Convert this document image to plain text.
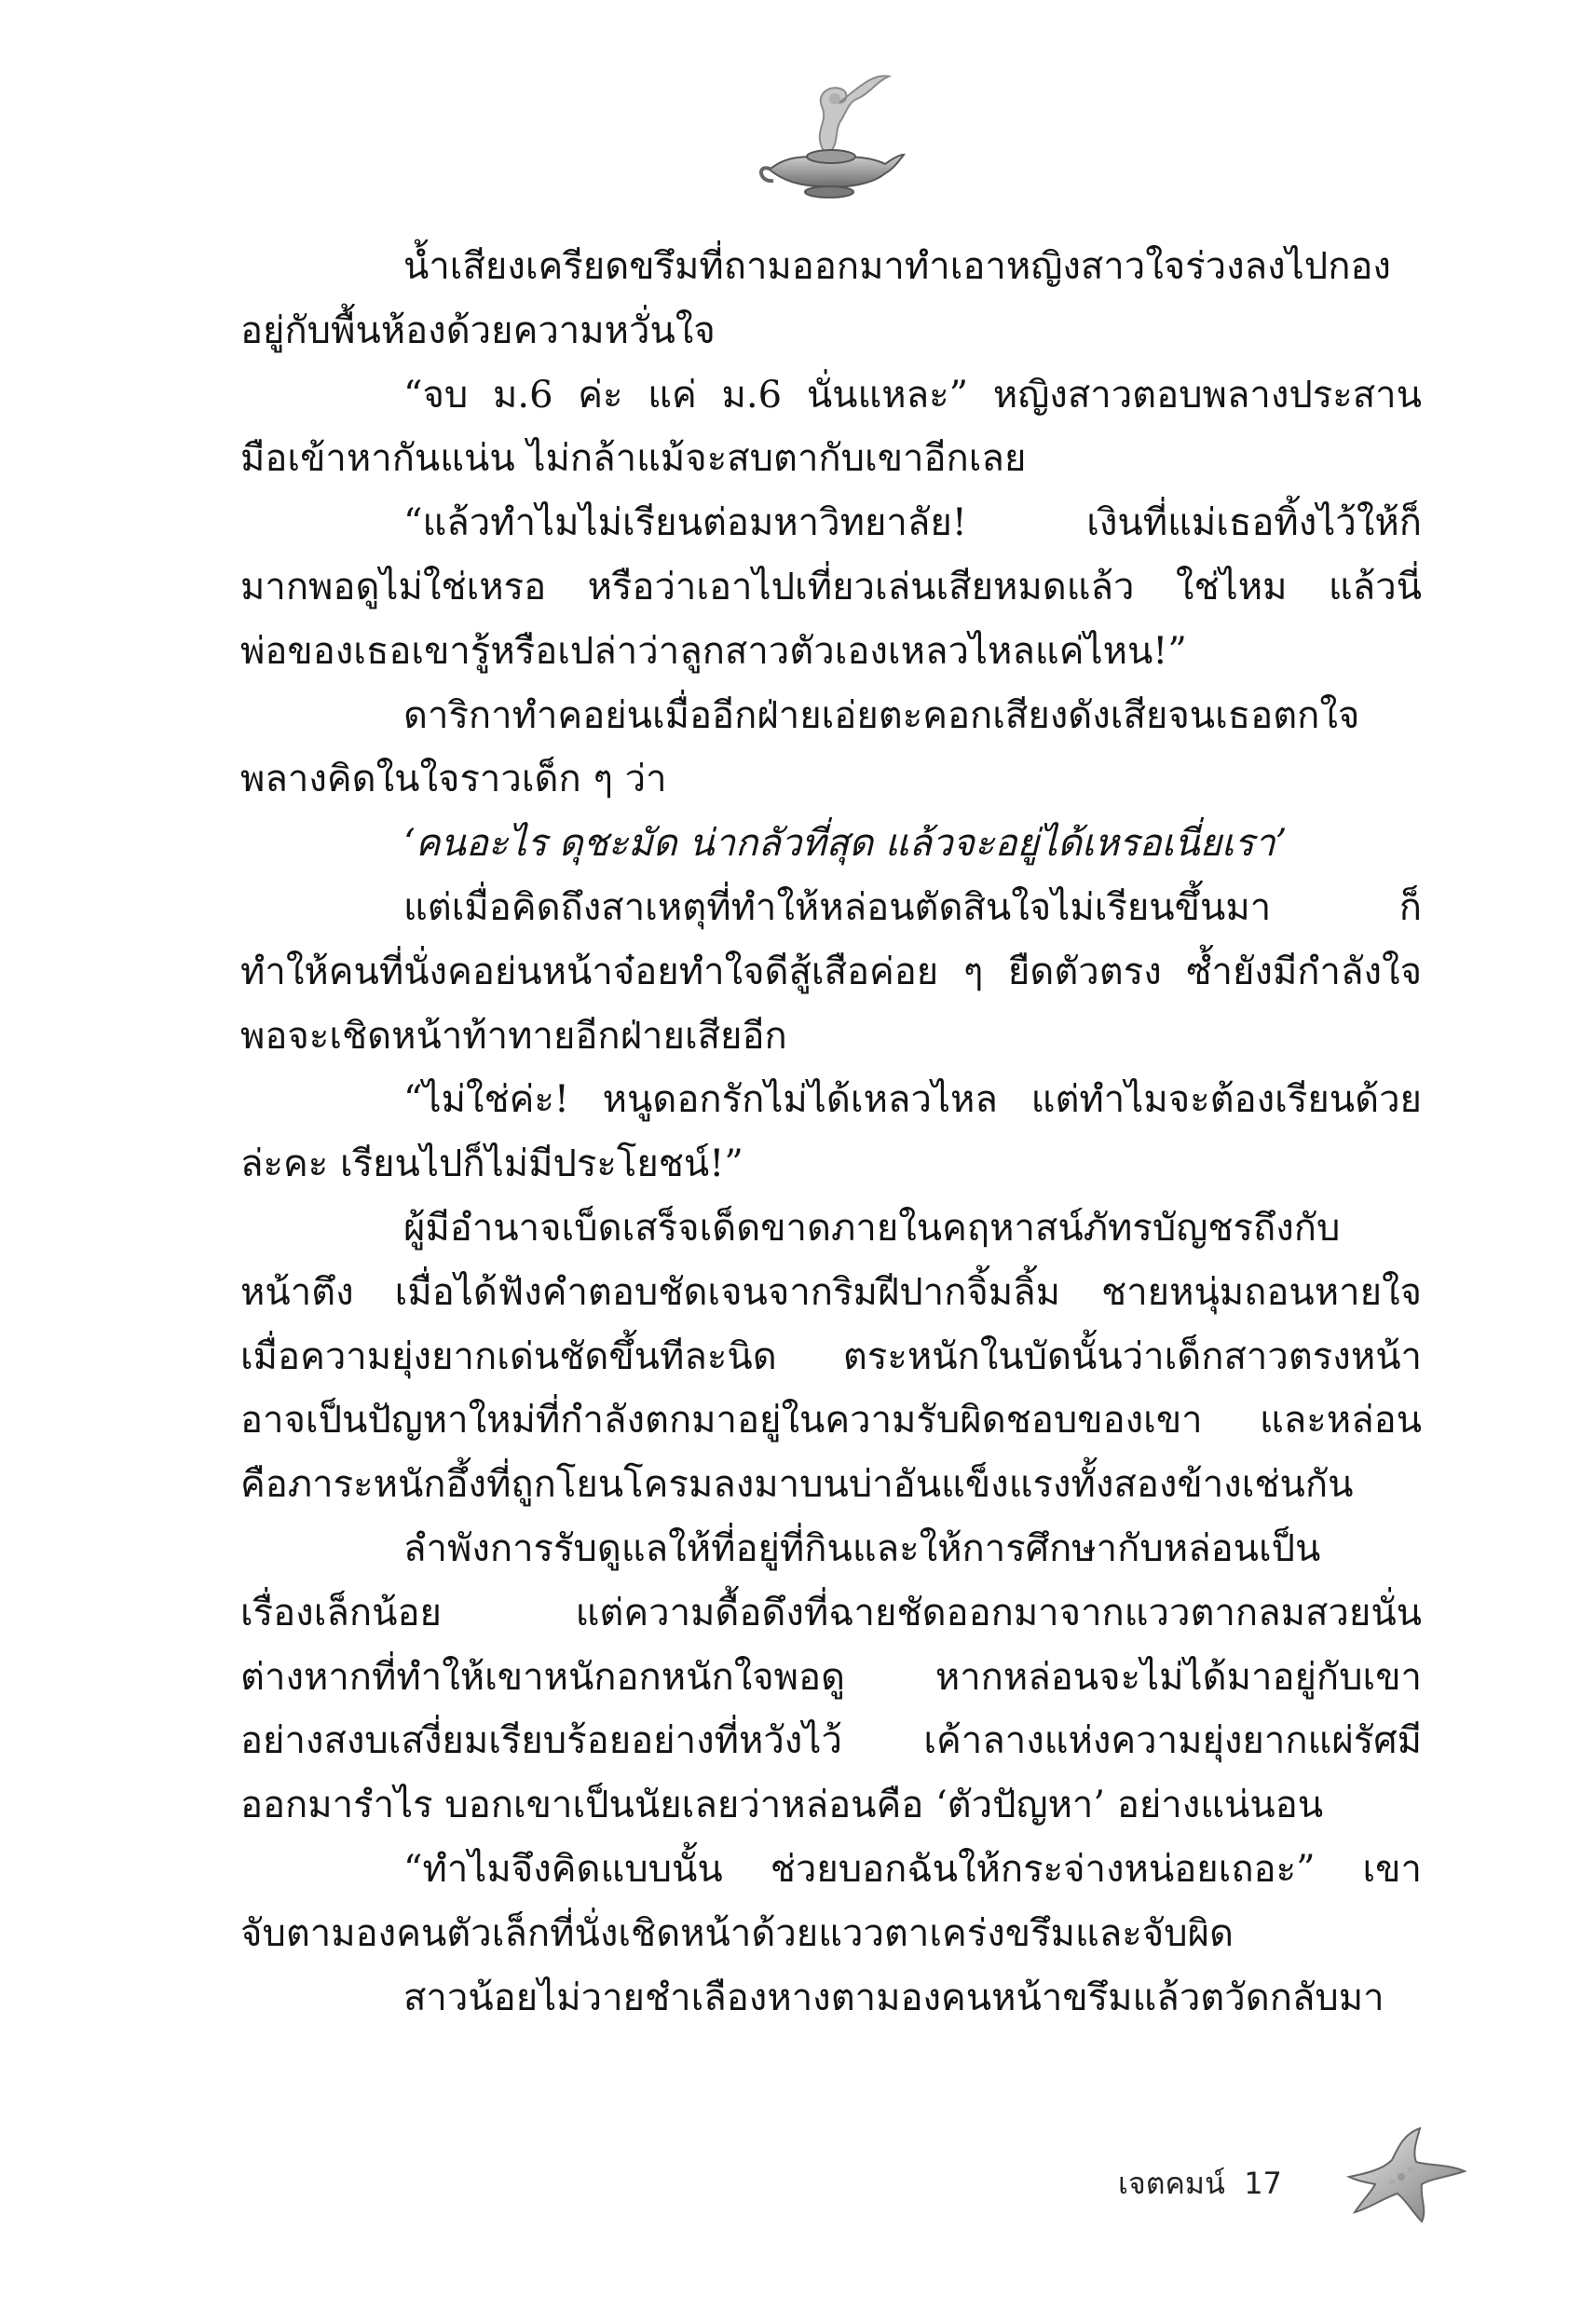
น้ำเสียงเครียดขรึมที่ถามออกมาทำเอาหญิงสาวใจร่วงลงไปกอง
อยู่กับพื้นห้องด้วยความหวั่นใจ
“จบ ม.6 ค่ะ แค่ ม.6 นั่นแหละ” หญิงสาวตอบพลางประสาน
มือเข้าหากันแน่น ไม่กล้าแม้จะสบตากับเขาอีกเลย
“แล้วทำไมไม่เรียนต่อมหาวิทยาลัย! เงินที่แม่เธอทิ้งไว้ให้ก็
มากพอดูไม่ใช่เหรอ หรือว่าเอาไปเที่ยวเล่นเสียหมดแล้ว ใช่ไหม แล้วนี่
พ่อของเธอเขารู้หรือเปล่าว่าลูกสาวตัวเองเหลวไหลแค่ไหน!”
ดาริกาทำคอย่นเมื่ออีกฝ่ายเอ่ยตะคอกเสียงดังเสียจนเธอตกใจ
พลางคิดในใจราวเด็ก ๆ ว่า
‘คนอะไร ดุชะมัด น่ากลัวที่สุด แล้วจะอยู่ได้เหรอเนี่ยเรา’
แต่เมื่อคิดถึงสาเหตุที่ทำให้หล่อนตัดสินใจไม่เรียนขึ้นมา ก็
ทำให้คนที่นั่งคอย่นหน้าจ๋อยทำใจดีสู้เสือค่อย ๆ ยืดตัวตรง ซ้ำยังมีกำลังใจ
พอจะเชิดหน้าท้าทายอีกฝ่ายเสียอีก
“ไม่ใช่ค่ะ! หนูดอกรักไม่ได้เหลวไหล แต่ทำไมจะต้องเรียนด้วย
ล่ะคะ เรียนไปก็ไม่มีประโยชน์!”
ผู้มีอำนาจเบ็ดเสร็จเด็ดขาดภายในคฤหาสน์ภัทรบัญชรถึงกับ
หน้าตึง เมื่อได้ฟังคำตอบชัดเจนจากริมฝีปากจิ้มลิ้ม ชายหนุ่มถอนหายใจ
เมื่อความยุ่งยากเด่นชัดขึ้นทีละนิด ตระหนักในบัดนั้นว่าเด็กสาวตรงหน้า
อาจเป็นปัญหาใหม่ที่กำลังตกมาอยู่ในความรับผิดชอบของเขา และหล่อน
คือภาระหนักอึ้งที่ถูกโยนโครมลงมาบนบ่าอันแข็งแรงทั้งสองข้างเช่นกัน
ลำพังการรับดูแลให้ที่อยู่ที่กินและให้การศึกษากับหล่อนเป็น
เรื่องเล็กน้อย แต่ความดื้อดึงที่ฉายชัดออกมาจากแววตากลมสวยนั่น
ต่างหากที่ทำให้เขาหนักอกหนักใจพอดู หากหล่อนจะไม่ได้มาอยู่กับเขา
อย่างสงบเสงี่ยมเรียบร้อยอย่างที่หวังไว้ เค้าลางแห่งความยุ่งยากแผ่รัศมี
ออกมารำไร บอกเขาเป็นนัยเลยว่าหล่อนคือ ‘ตัวปัญหา’ อย่างแน่นอน
“ทำไมจึงคิดแบบนั้น ช่วยบอกฉันให้กระจ่างหน่อยเถอะ” เขา
จับตามองคนตัวเล็กที่นั่งเชิดหน้าด้วยแววตาเคร่งขรึมและจับผิด
สาวน้อยไม่วายชำเลืองหางตามองคนหน้าขรึมแล้วตวัดกลับมา
เจตคมน์ 17
